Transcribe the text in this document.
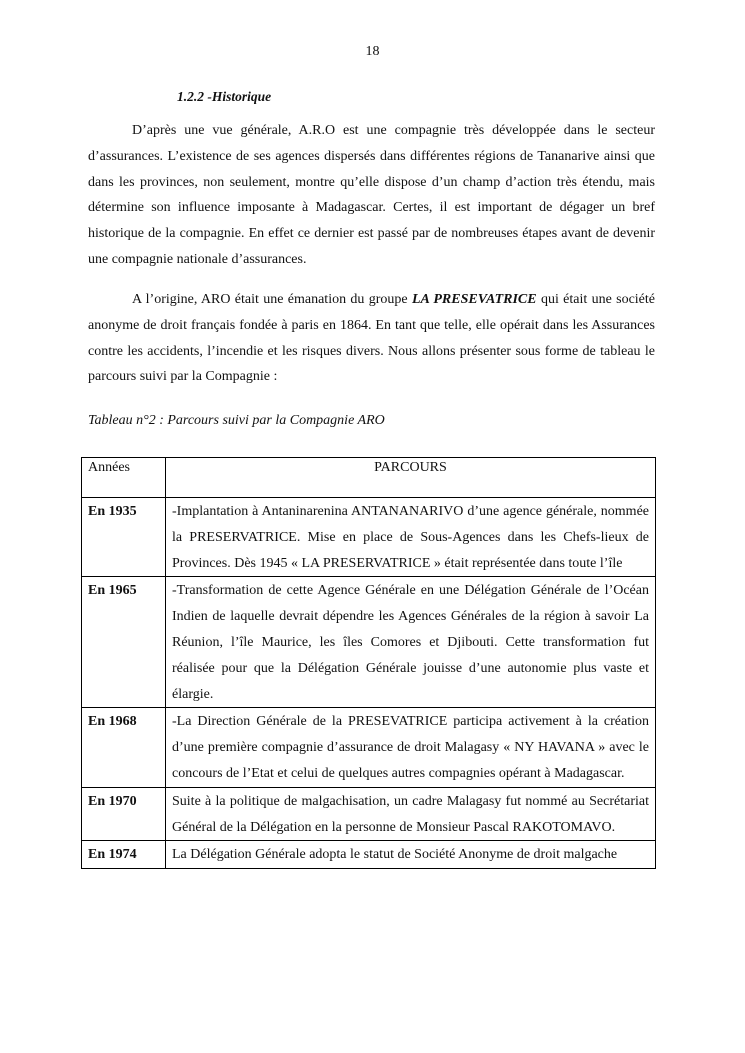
18
1.2.2 -Historique

D’après une vue générale, A.R.O est une compagnie très développée dans le secteur d’assurances. L’existence de ses agences dispersés dans différentes régions de Tananarive ainsi que dans les provinces, non seulement, montre qu’elle dispose d’un champ d’action très étendu, mais détermine son influence imposante à Madagascar. Certes, il est important de dégager un bref historique de la compagnie. En effet ce dernier est passé par de nombreuses étapes avant de devenir une compagnie nationale d’assurances.

A l’origine, ARO était une émanation du groupe LA PRESEVATRICE qui était une société anonyme de droit français fondée à paris en 1864. En tant que telle, elle opérait dans les Assurances contre les accidents, l’incendie et les risques divers. Nous allons présenter sous forme de tableau le parcours suivi par la Compagnie :

Tableau n°2 : Parcours suivi par la Compagnie ARO
Années	PARCOURS
En 1935	-Implantation à Antaninarenina ANTANANARIVO d’une agence générale, nommée la PRESERVATRICE. Mise en place de Sous-Agences dans les Chefs-lieux de Provinces. Dès 1945 « LA PRESERVATRICE » était représentée dans toute l’île
En 1965	-Transformation de cette Agence Générale en une Délégation Générale de l’Océan Indien de laquelle devrait dépendre les Agences Générales de la région à savoir La Réunion, l’île Maurice, les îles Comores et Djibouti. Cette transformation fut réalisée pour que la Délégation Générale jouisse d’une autonomie plus vaste et élargie.
En 1968	-La Direction Générale de la PRESEVATRICE participa activement à la création d’une première compagnie d’assurance de droit Malagasy « NY HAVANA » avec le concours de l’Etat et celui de quelques autres compagnies opérant à Madagascar.
En 1970	Suite à la politique de malgachisation, un cadre Malagasy fut nommé au Secrétariat Général de la Délégation en la personne de Monsieur Pascal RAKOTOMAVO.
En 1974	La Délégation Générale adopta le statut de Société Anonyme de droit malgache
